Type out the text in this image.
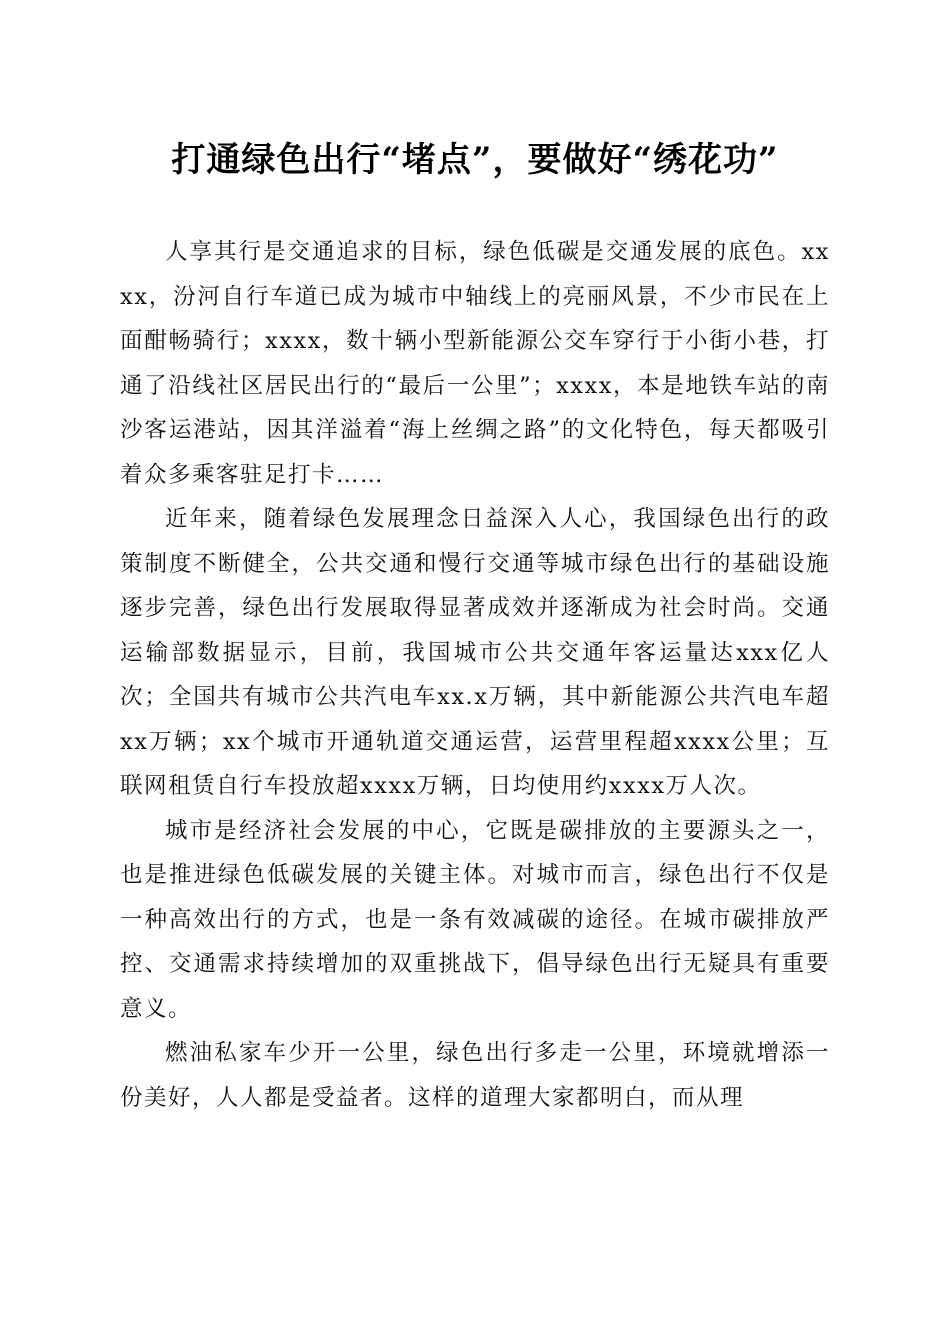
打通绿色出行“堵点”，要做好“绣花功”

人享其行是交通追求的目标，绿色低碳是交通发展的底色。xxxx，汾河自行车道已成为城市中轴线上的亮丽风景，不少市民在上面酣畅骑行；xxxx，数十辆小型新能源公交车穿行于小街小巷，打通了沿线社区居民出行的“最后一公里”；xxxx，本是地铁车站的南沙客运港站，因其洋溢着“海上丝绸之路”的文化特色，每天都吸引着众多乘客驻足打卡……

近年来，随着绿色发展理念日益深入人心，我国绿色出行的政策制度不断健全，公共交通和慢行交通等城市绿色出行的基础设施逐步完善，绿色出行发展取得显著成效并逐渐成为社会时尚。交通运输部数据显示，目前，我国城市公共交通年客运量达xxx亿人次；全国共有城市公共汽电车xx.x万辆，其中新能源公共汽电车超xx万辆；xx个城市开通轨道交通运营，运营里程超xxxx公里；互联网租赁自行车投放超xxxx万辆，日均使用约xxxx万人次。

城市是经济社会发展的中心，它既是碳排放的主要源头之一，也是推进绿色低碳发展的关键主体。对城市而言，绿色出行不仅是一种高效出行的方式，也是一条有效减碳的途径。在城市碳排放严控、交通需求持续增加的双重挑战下，倡导绿色出行无疑具有重要意义。

燃油私家车少开一公里，绿色出行多走一公里，环境就增添一份美好，人人都是受益者。这样的道理大家都明白，而从理
